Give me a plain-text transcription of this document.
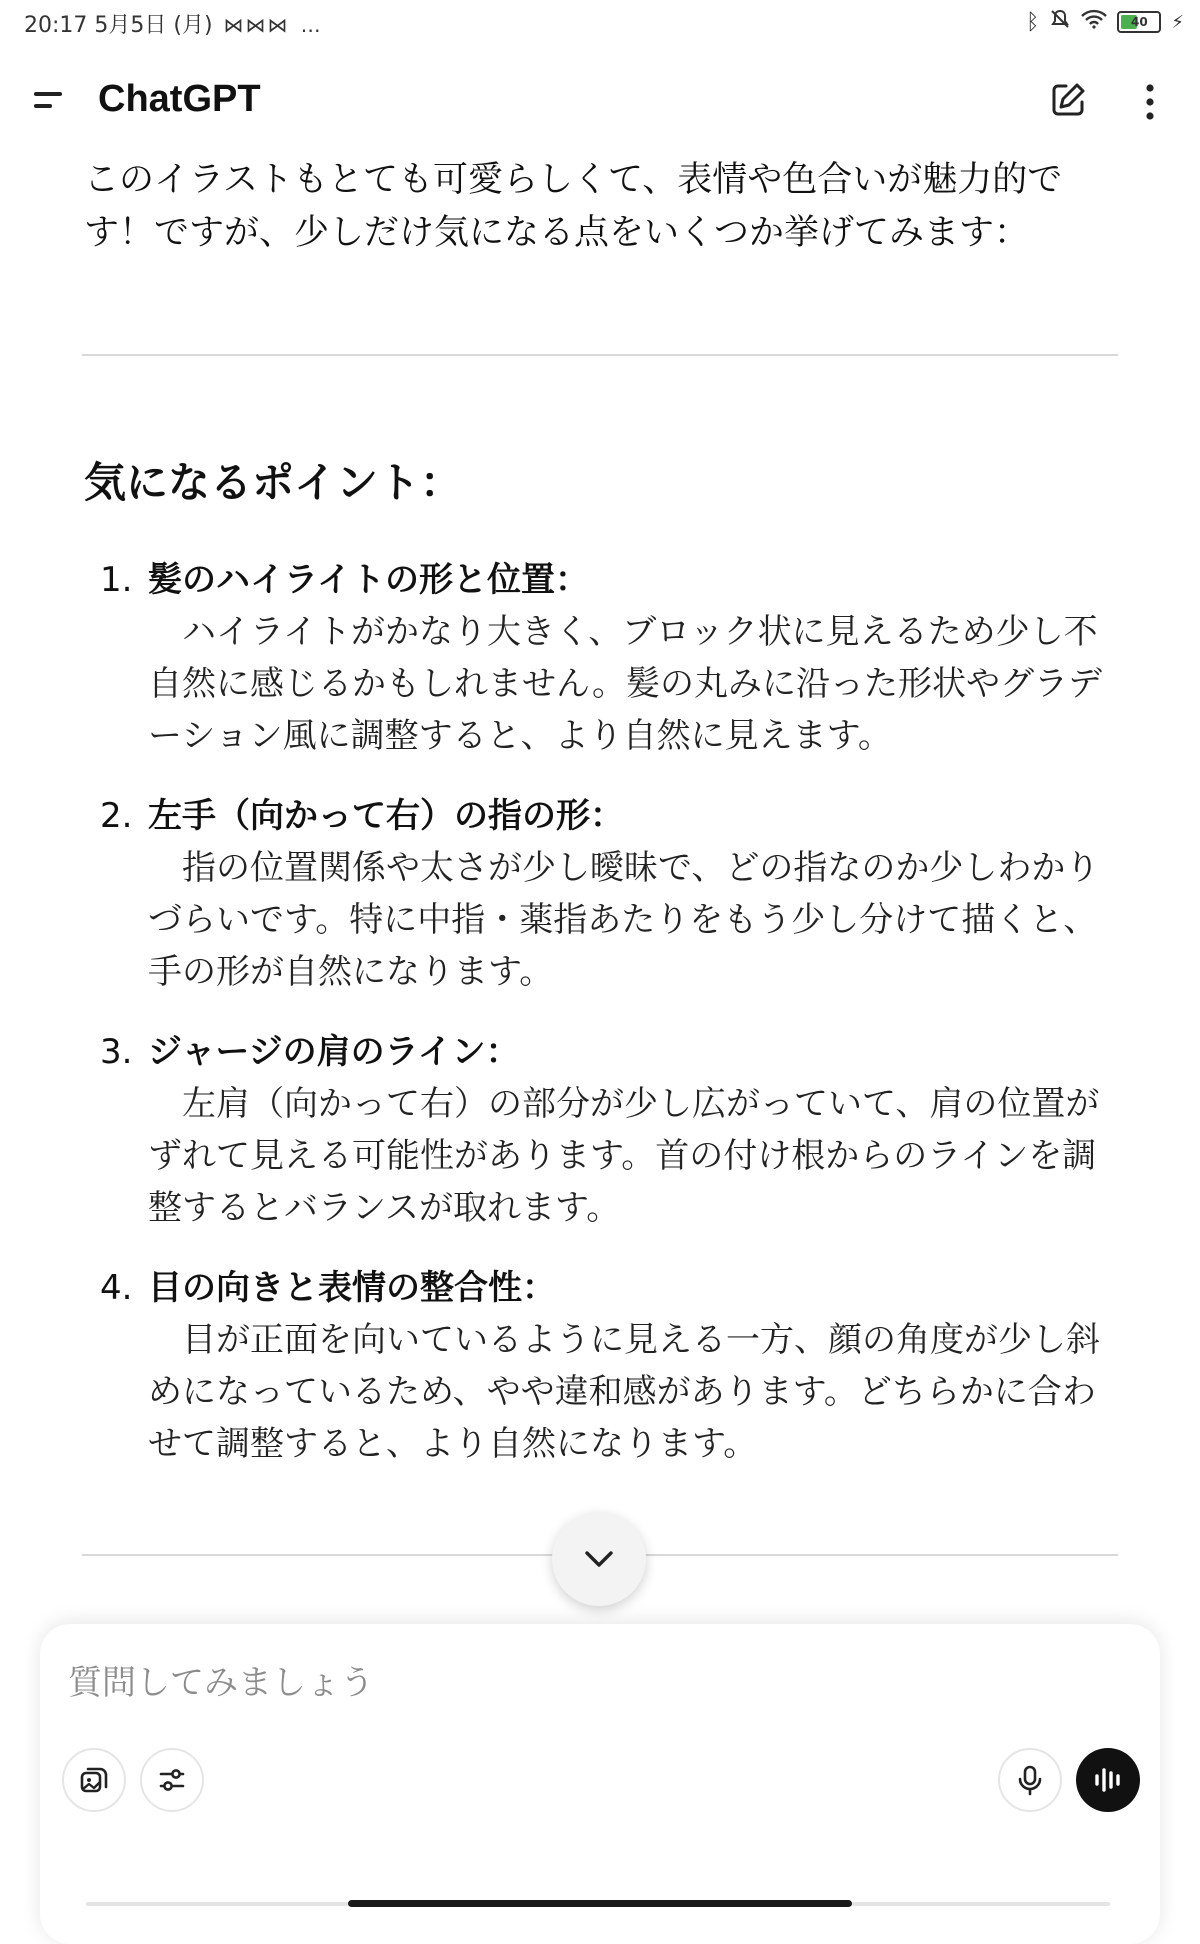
20:17 5月5日 (月) ⋈⋈⋈ …	ᛒ	40	⚡
ChatGPT

このイラストもとても可愛らしくて、表情や色合いが魅力的です！ですが、少しだけ気になる点をいくつか挙げてみます：

気になるポイント：
1. 髪のハイライトの形と位置：
ハイライトがかなり大きく、ブロック状に見えるため少し不自然に感じるかもしれません。髪の丸みに沿った形状やグラデーション風に調整すると、より自然に見えます。
2. 左手（向かって右）の指の形：
指の位置関係や太さが少し曖昧で、どの指なのか少しわかりづらいです。特に中指・薬指あたりをもう少し分けて描くと、手の形が自然になります。
3. ジャージの肩のライン：
左肩（向かって右）の部分が少し広がっていて、肩の位置がずれて見える可能性があります。首の付け根からのラインを調整するとバランスが取れます。
4. 目の向きと表情の整合性：
目が正面を向いているように見える一方、顔の角度が少し斜めになっているため、やや違和感があります。どちらかに合わせて調整すると、より自然になります。
質問してみましょう
